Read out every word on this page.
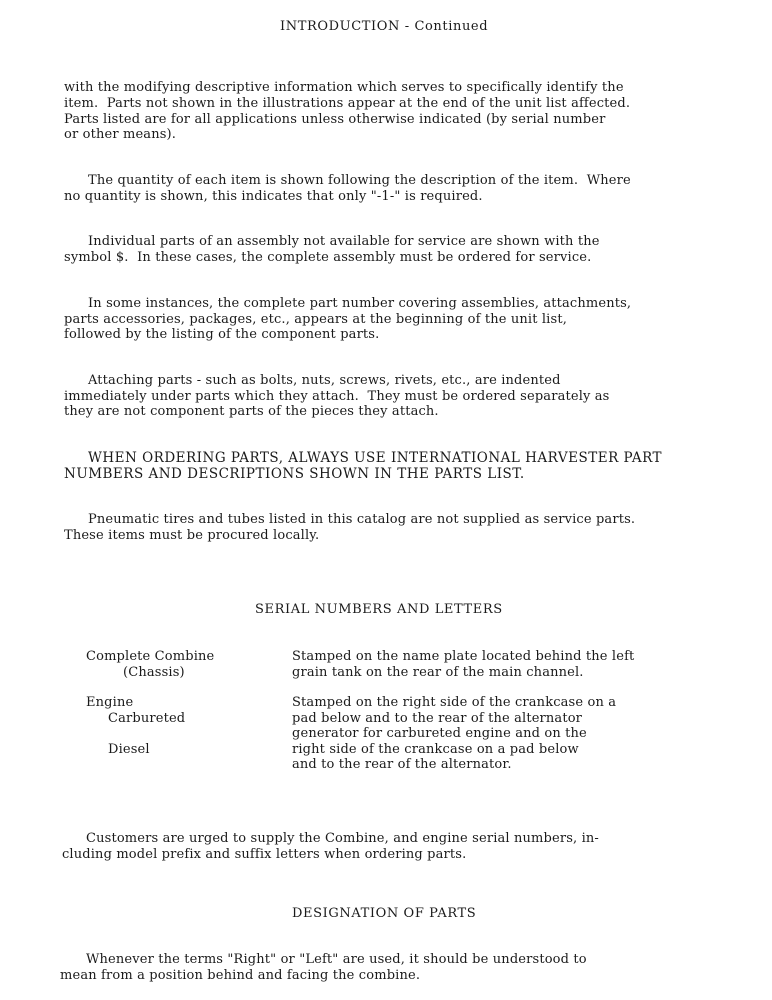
INTRODUCTION - Continued
with the modifying descriptive information which serves to specifically identify the
item.  Parts not shown in the illustrations appear at the end of the unit list affected.
Parts listed are for all applications unless otherwise indicated (by serial number
or other means).
The quantity of each item is shown following the description of the item.  Where
no quantity is shown, this indicates that only "-1-" is required.
Individual parts of an assembly not available for service are shown with the
symbol $.  In these cases, the complete assembly must be ordered for service.
In some instances, the complete part number covering assemblies, attachments,
parts accessories, packages, etc., appears at the beginning of the unit list,
followed by the listing of the component parts.
Attaching parts - such as bolts, nuts, screws, rivets, etc., are indented
immediately under parts which they attach.  They must be ordered separately as
they are not component parts of the pieces they attach.
WHEN ORDERING PARTS, ALWAYS USE INTERNATIONAL HARVESTER PART
NUMBERS AND DESCRIPTIONS SHOWN IN THE PARTS LIST.
Pneumatic tires and tubes listed in this catalog are not supplied as service parts.
These items must be procured locally.
SERIAL NUMBERS AND LETTERS
Complete Combine
(Chassis)
Stamped on the name plate located behind the left
grain tank on the rear of the main channel.
Engine
Carbureted
Diesel
Stamped on the right side of the crankcase on a
pad below and to the rear of the alternator
generator for carbureted engine and on the
right side of the crankcase on a pad below
and to the rear of the alternator.
Customers are urged to supply the Combine, and engine serial numbers, in-
cluding model prefix and suffix letters when ordering parts.
DESIGNATION OF PARTS
Whenever the terms "Right" or "Left" are used, it should be understood to
mean from a position behind and facing the combine.
